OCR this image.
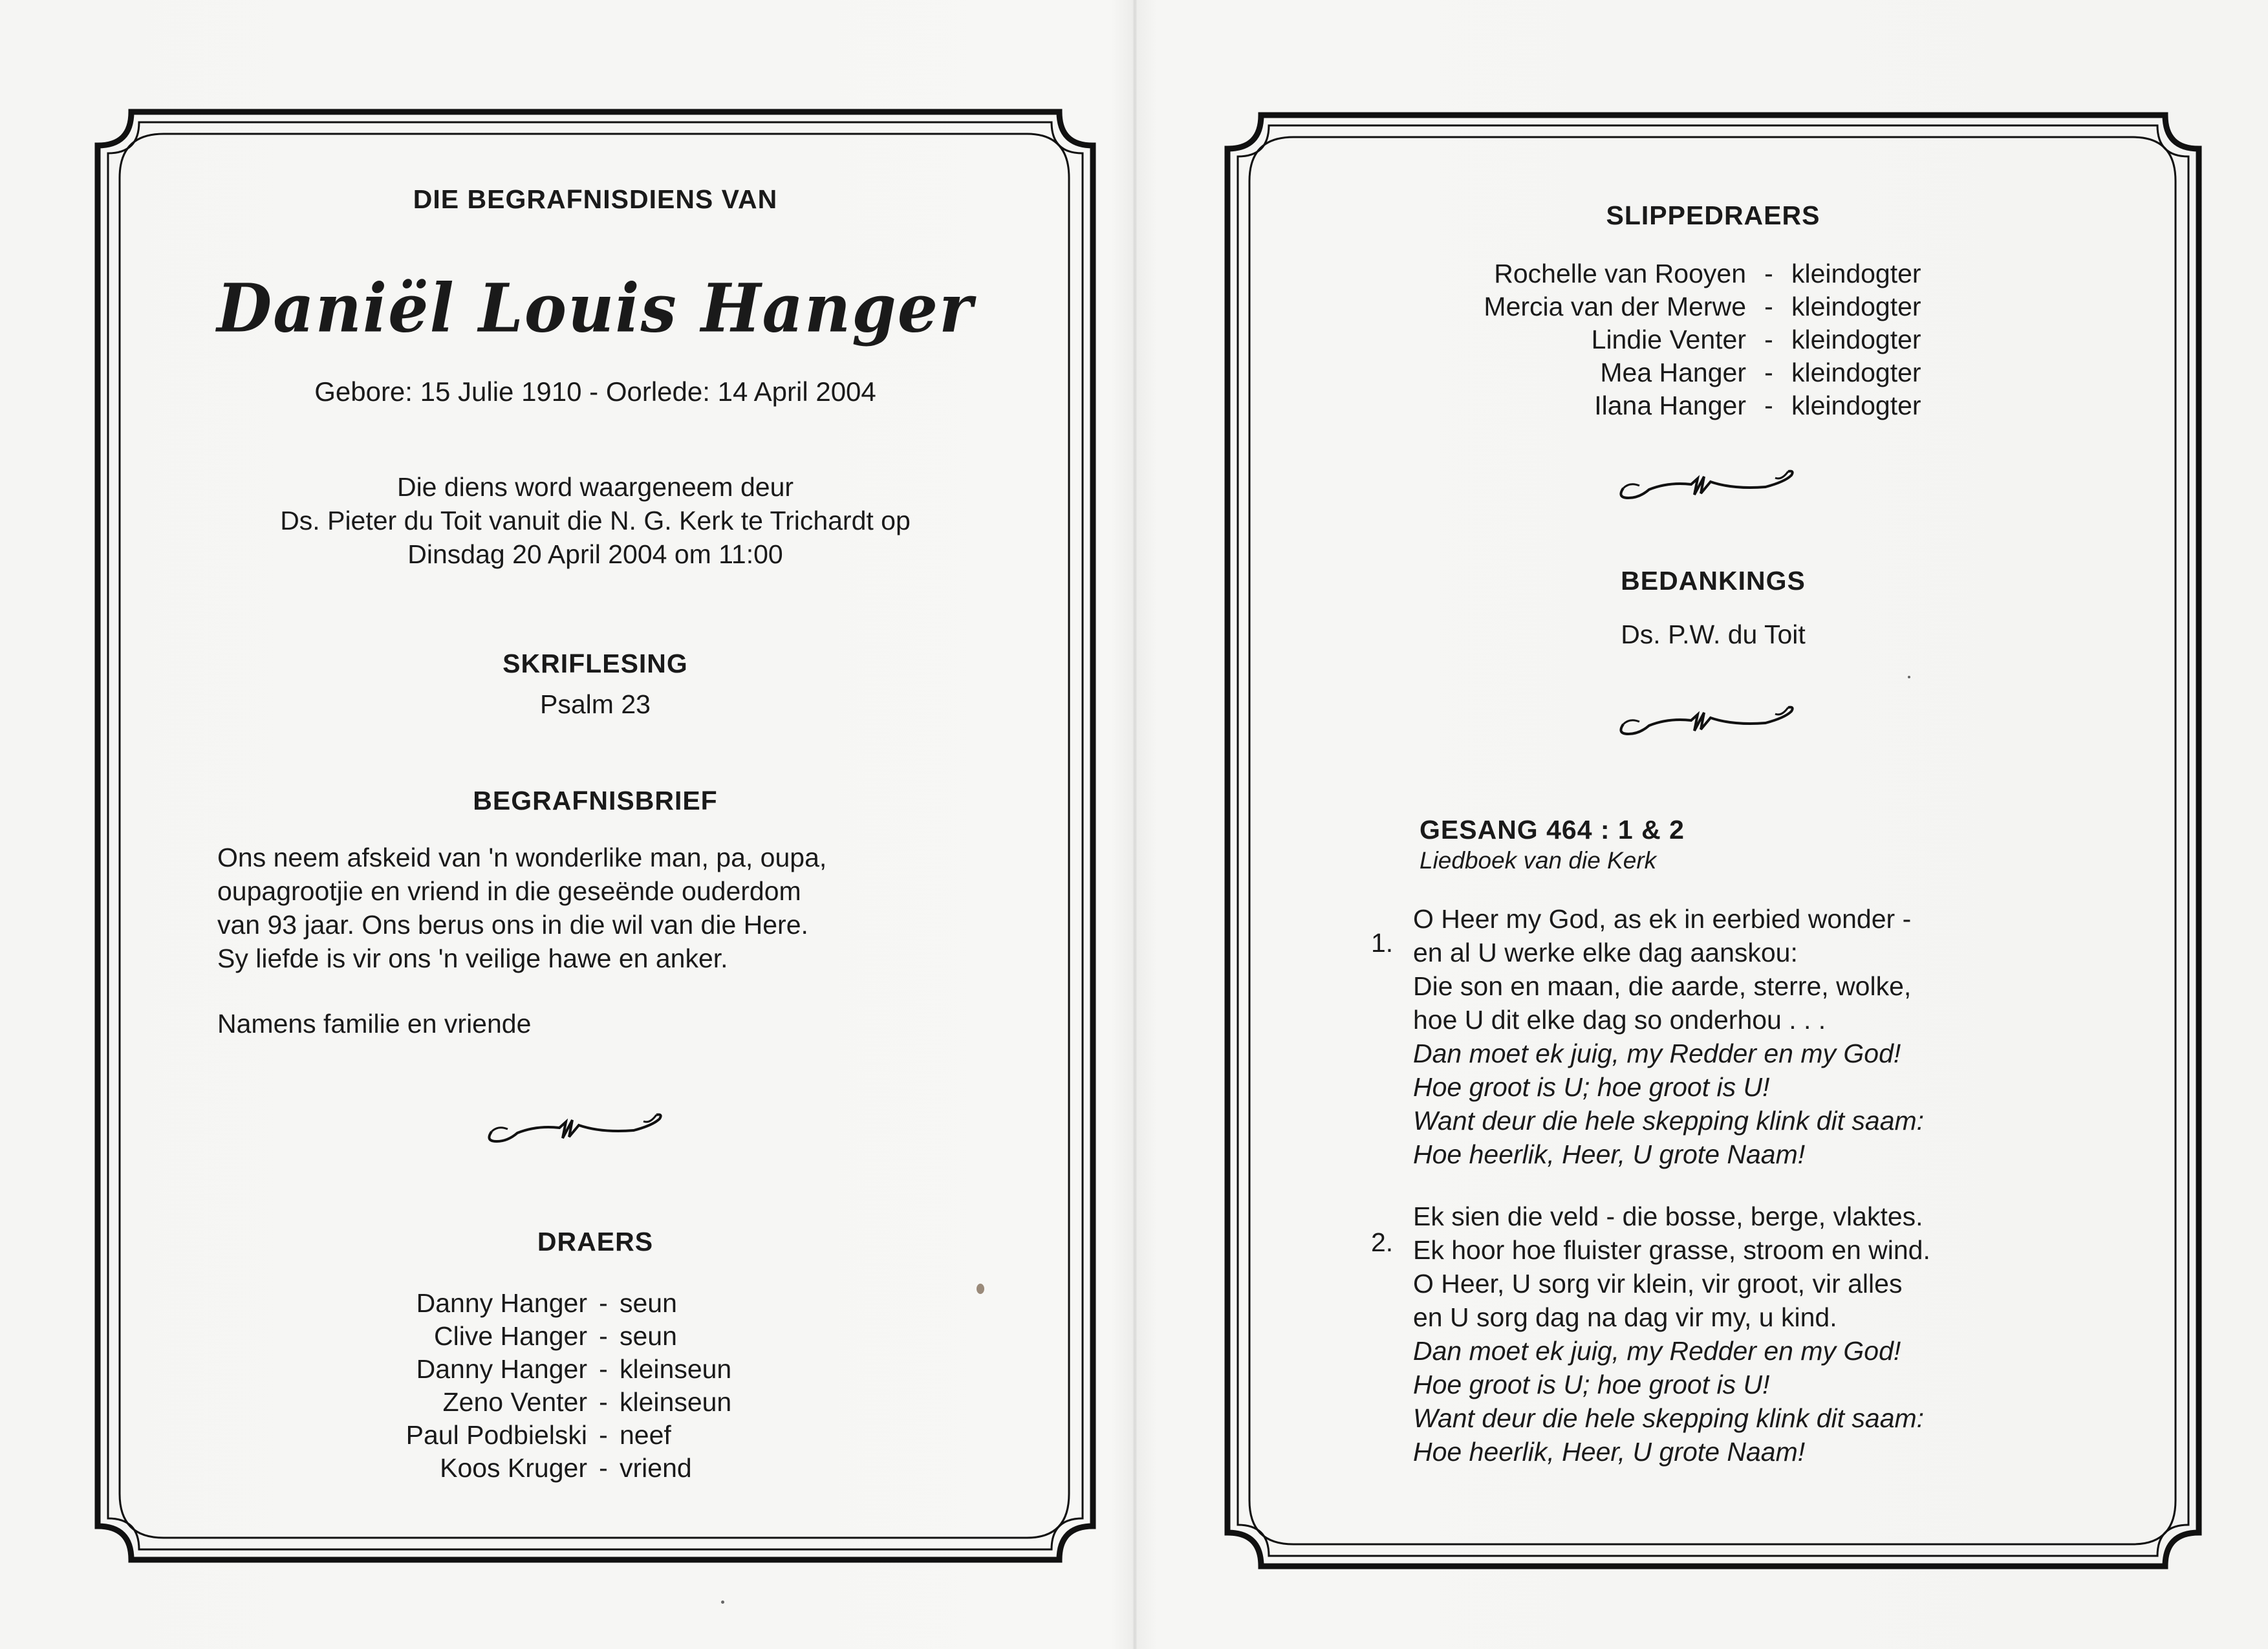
DIE BEGRAFNISDIENS VAN
Daniël Louis Hanger
Gebore: 15 Julie 1910 - Oorlede: 14 April 2004
Die diens word waargeneem deur
Ds. Pieter du Toit vanuit die N. G. Kerk te Trichardt op
Dinsdag 20 April 2004 om 11:00
SKRIFLESING
Psalm 23
BEGRAFNISBRIEF
Ons neem afskeid van 'n wonderlike man, pa, oupa,
oupagrootjie en vriend in die geseënde ouderdom
van 93 jaar. Ons berus ons in die wil van die Here.
Sy liefde is vir ons 'n veilige hawe en anker.
Namens familie en vriende
DRAERS
Danny Hanger	-	seun
Clive Hanger	-	seun
Danny Hanger	-	kleinseun
Zeno Venter	-	kleinseun
Paul Podbielski	-	neef
Koos Kruger	-	vriend
SLIPPEDRAERS
Rochelle van Rooyen	-	kleindogter
Mercia van der Merwe	-	kleindogter
Lindie Venter	-	kleindogter
Mea Hanger	-	kleindogter
Ilana Hanger	-	kleindogter
BEDANKINGS
Ds. P.W. du Toit
GESANG 464 : 1 & 2
Liedboek van die Kerk
1.
O Heer my God, as ek in eerbied wonder -
en al U werke elke dag aanskou:
Die son en maan, die aarde, sterre, wolke,
hoe U dit elke dag so onderhou . . .
Dan moet ek juig, my Redder en my God!
Hoe groot is U; hoe groot is U!
Want deur die hele skepping klink dit saam:
Hoe heerlik, Heer, U grote Naam!
2.
Ek sien die veld - die bosse, berge, vlaktes.
Ek hoor hoe fluister grasse, stroom en wind.
O Heer, U sorg vir klein, vir groot, vir alles
en U sorg dag na dag vir my, u kind.
Dan moet ek juig, my Redder en my God!
Hoe groot is U; hoe groot is U!
Want deur die hele skepping klink dit saam:
Hoe heerlik, Heer, U grote Naam!
